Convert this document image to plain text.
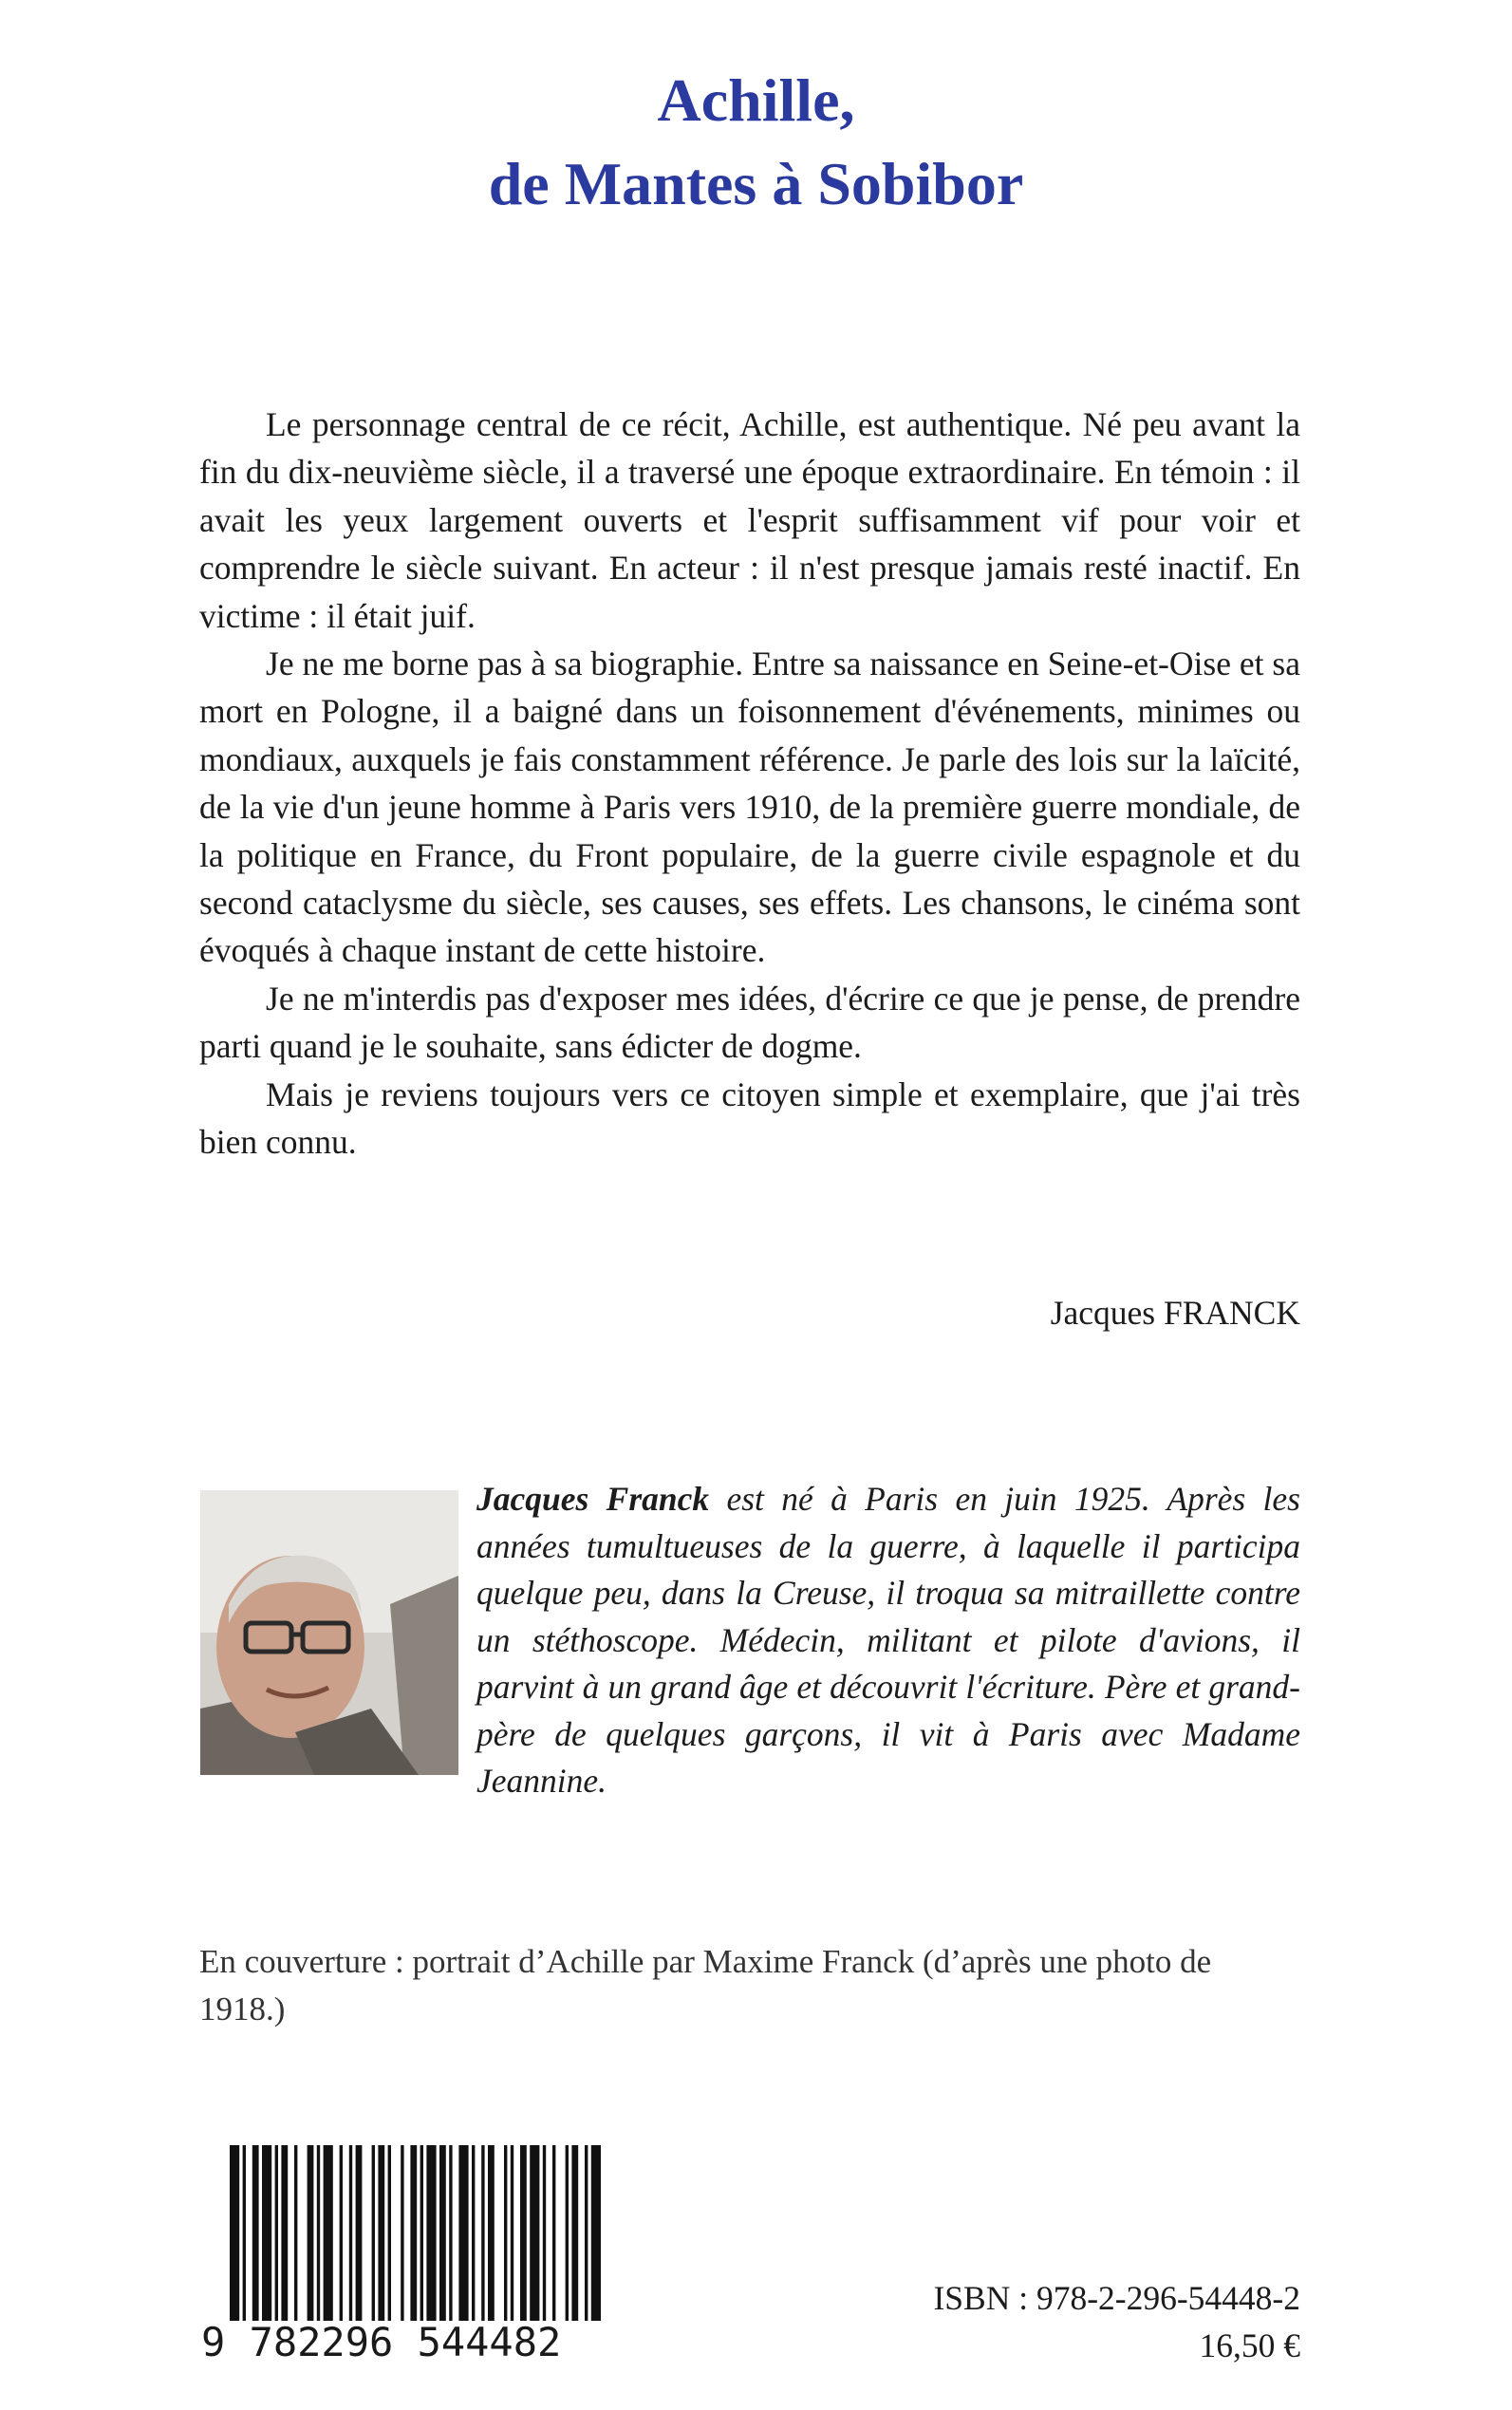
Achille,
de Mantes à Sobibor

Le personnage central de ce récit, Achille, est authentique. Né peu avant la fin du dix-neuvième siècle, il a traversé une époque extraordinaire. En témoin : il avait les yeux largement ouverts et l'esprit suffisamment vif pour voir et comprendre le siècle suivant. En acteur : il n'est presque jamais resté inactif. En victime : il était juif.

Je ne me borne pas à sa biographie. Entre sa naissance en Seine-et-Oise et sa mort en Pologne, il a baigné dans un foisonnement d'événements, minimes ou mondiaux, auxquels je fais constamment référence. Je parle des lois sur la laïcité, de la vie d'un jeune homme à Paris vers 1910, de la première guerre mondiale, de la politique en France, du Front populaire, de la guerre civile espagnole et du second cataclysme du siècle, ses causes, ses effets. Les chansons, le cinéma sont évoqués à chaque instant de cette histoire.

Je ne m'interdis pas d'exposer mes idées, d'écrire ce que je pense, de prendre parti quand je le souhaite, sans édicter de dogme.

Mais je reviens toujours vers ce citoyen simple et exemplaire, que j'ai très bien connu.

Jacques FRANCK
Jacques Franck est né à Paris en juin 1925. Après les années tumultueuses de la guerre, à laquelle il participa quelque peu, dans la Creuse, il troqua sa mitraillette contre un stéthoscope. Médecin, militant et pilote d'avions, il parvint à un grand âge et découvrit l'écriture. Père et grand-père de quelques garçons, il vit à Paris avec Madame Jeannine.
En couverture : portrait d’Achille par Maxime Franck (d’après une photo de 1918.)
9 782296 544482
ISBN : 978-2-296-54448-2
16,50 €
